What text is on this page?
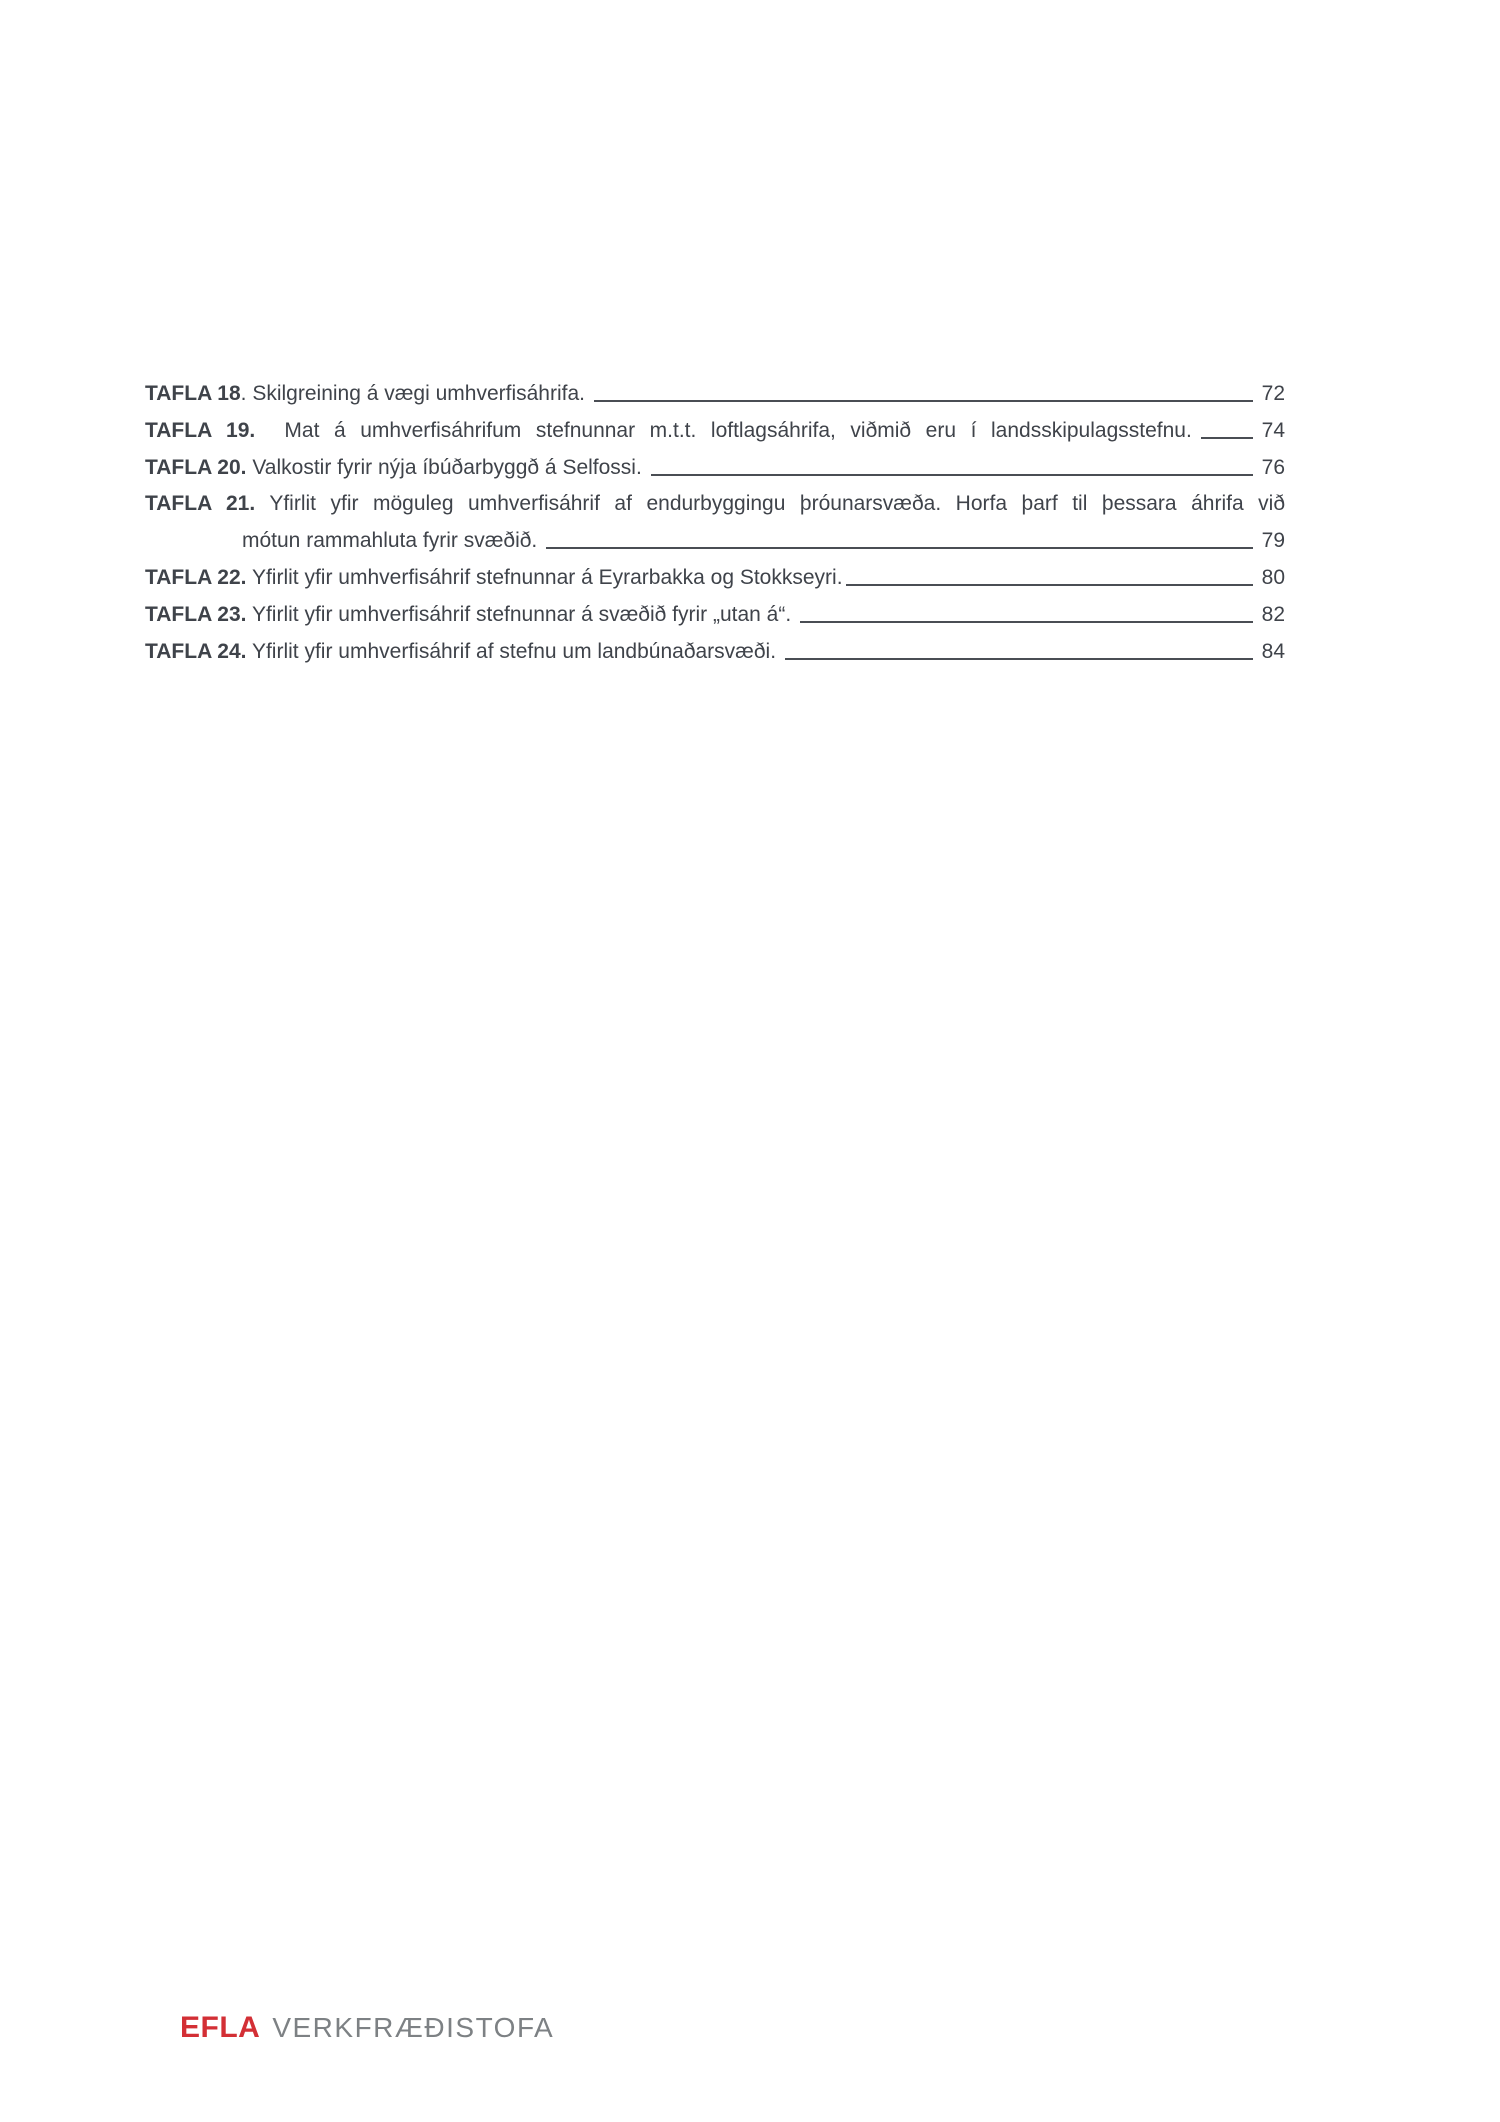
TAFLA 18 . Skilgreining á vægi umhverfisáhrifa.	72
TAFLA 19.  Mat á umhverfisáhrifum stefnunnar m.t.t. loftlagsáhrifa, viðmið eru í landsskipulagsstefnu.	74
TAFLA 20. Valkostir fyrir nýja íbúðarbyggð á Selfossi.	76
TAFLA 21. Yfirlit yfir möguleg umhverfisáhrif af endurbyggingu þróunarsvæða. Horfa þarf til þessara áhrifa við
mótun rammahluta fyrir svæðið.	79
TAFLA 22. Yfirlit yfir umhverfisáhrif stefnunnar á Eyrarbakka og Stokkseyri.	80
TAFLA 23. Yfirlit yfir umhverfisáhrif stefnunnar á svæðið fyrir „utan á“.	82
TAFLA 24. Yfirlit yfir umhverfisáhrif af stefnu um landbúnaðarsvæði.	84
EFLA VERKFRÆÐISTOFA
